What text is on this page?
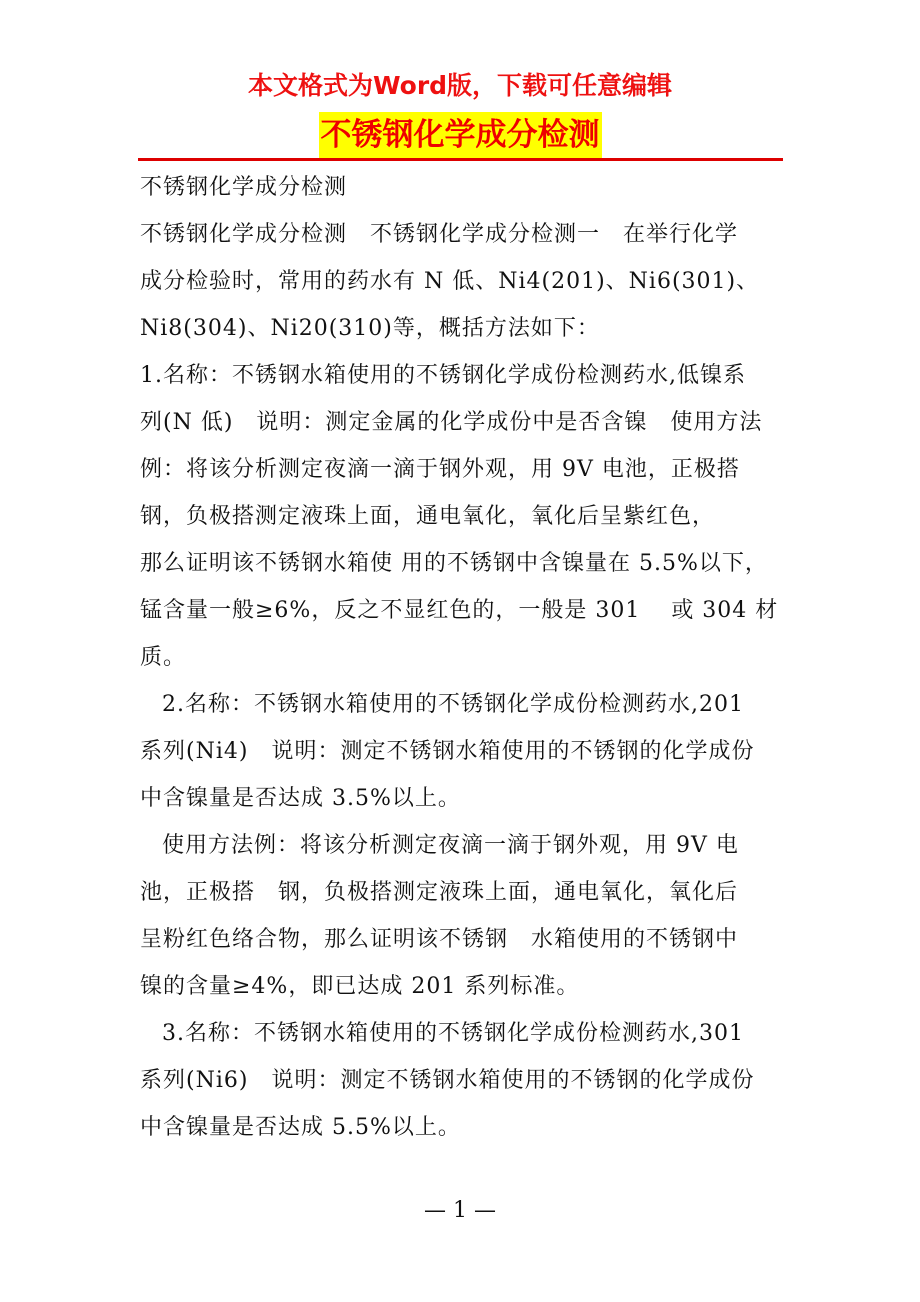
本文格式为Word版，下载可任意编辑
不锈钢化学成分检测

不锈钢化学成分检测

不锈钢化学成分检测　不锈钢化学成分检测一　在举行化学

成分检验时，常用的药水有 N 低、Ni4(201)、Ni6(301)、

Ni8(304)、Ni20(310)等，概括方法如下：

1.名称：不锈钢水箱使用的不锈钢化学成份检测药水,低镍系

列(N 低)　说明：测定金属的化学成份中是否含镍　使用方法

例：将该分析测定夜滴一滴于钢外观，用 9V 电池，正极搭

钢，负极搭测定液珠上面，通电氧化，氧化后呈紫红色，

那么证明该不锈钢水箱使 用的不锈钢中含镍量在 5.5%以下，

锰含量一般≥6%，反之不显红色的，一般是 301　 或 304 材

质。

2.名称：不锈钢水箱使用的不锈钢化学成份检测药水,201

系列(Ni4)　说明：测定不锈钢水箱使用的不锈钢的化学成份

中含镍量是否达成 3.5%以上。

使用方法例：将该分析测定夜滴一滴于钢外观，用 9V 电

池，正极搭　钢，负极搭测定液珠上面，通电氧化，氧化后

呈粉红色络合物，那么证明该不锈钢　水箱使用的不锈钢中

镍的含量≥4%，即已达成 201 系列标准。

3.名称：不锈钢水箱使用的不锈钢化学成份检测药水,301

系列(Ni6)　说明：测定不锈钢水箱使用的不锈钢的化学成份

中含镍量是否达成 5.5%以上。

— 1 —
